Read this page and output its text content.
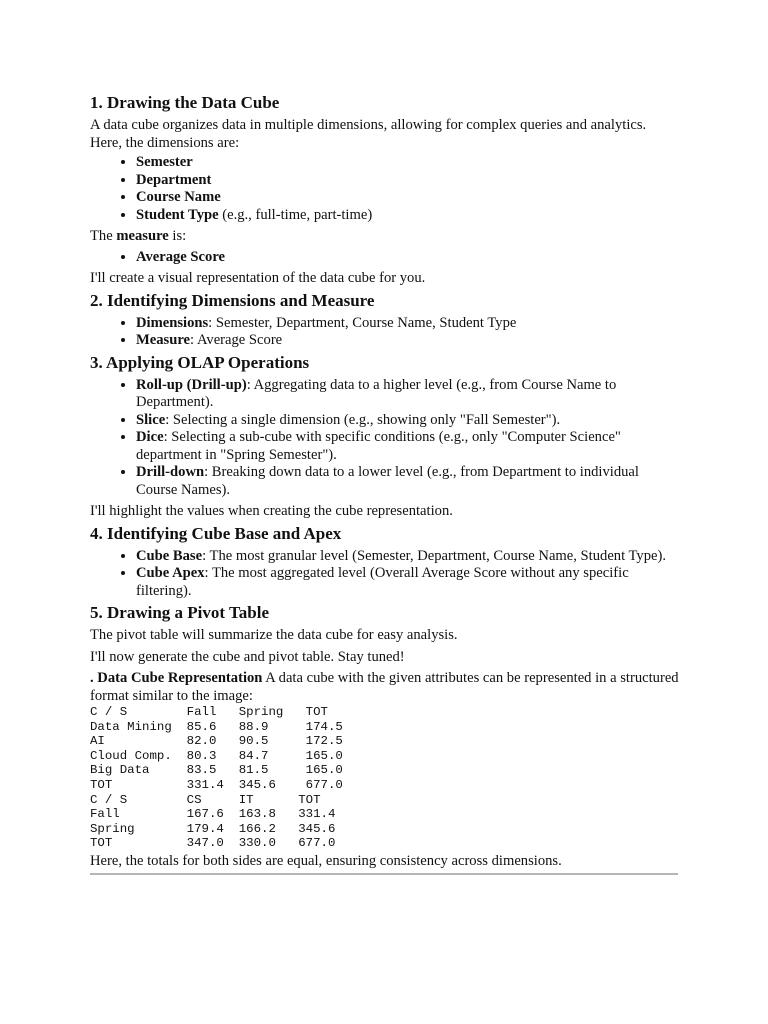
1. Drawing the Data Cube

A data cube organizes data in multiple dimensions, allowing for complex queries and analytics. Here, the dimensions are:

• Semester
• Department
• Course Name
• Student Type (e.g., full-time, part-time)

The measure is:

• Average Score

I'll create a visual representation of the data cube for you.

2. Identifying Dimensions and Measure
• Dimensions: Semester, Department, Course Name, Student Type
• Measure: Average Score
3. Applying OLAP Operations
• Roll-up (Drill-up): Aggregating data to a higher level (e.g., from Course Name to Department).
• Slice: Selecting a single dimension (e.g., showing only "Fall Semester").
• Dice: Selecting a sub-cube with specific conditions (e.g., only "Computer Science" department in "Spring Semester").
• Drill-down: Breaking down data to a lower level (e.g., from Department to individual Course Names).

I'll highlight the values when creating the cube representation.

4. Identifying Cube Base and Apex
• Cube Base: The most granular level (Semester, Department, Course Name, Student Type).
• Cube Apex: The most aggregated level (Overall Average Score without any specific filtering).
5. Drawing a Pivot Table

The pivot table will summarize the data cube for easy analysis.

I'll now generate the cube and pivot table. Stay tuned!

. Data Cube Representation A data cube with the given attributes can be represented in a structured format similar to the image:

C / S        Fall   Spring   TOT
Data Mining  85.6   88.9     174.5
AI           82.0   90.5     172.5
Cloud Comp.  80.3   84.7     165.0
Big Data     83.5   81.5     165.0
TOT          331.4  345.6    677.0
C / S        CS     IT      TOT
Fall         167.6  163.8   331.4
Spring       179.4  166.2   345.6
TOT          347.0  330.0   677.0

Here, the totals for both sides are equal, ensuring consistency across dimensions.
